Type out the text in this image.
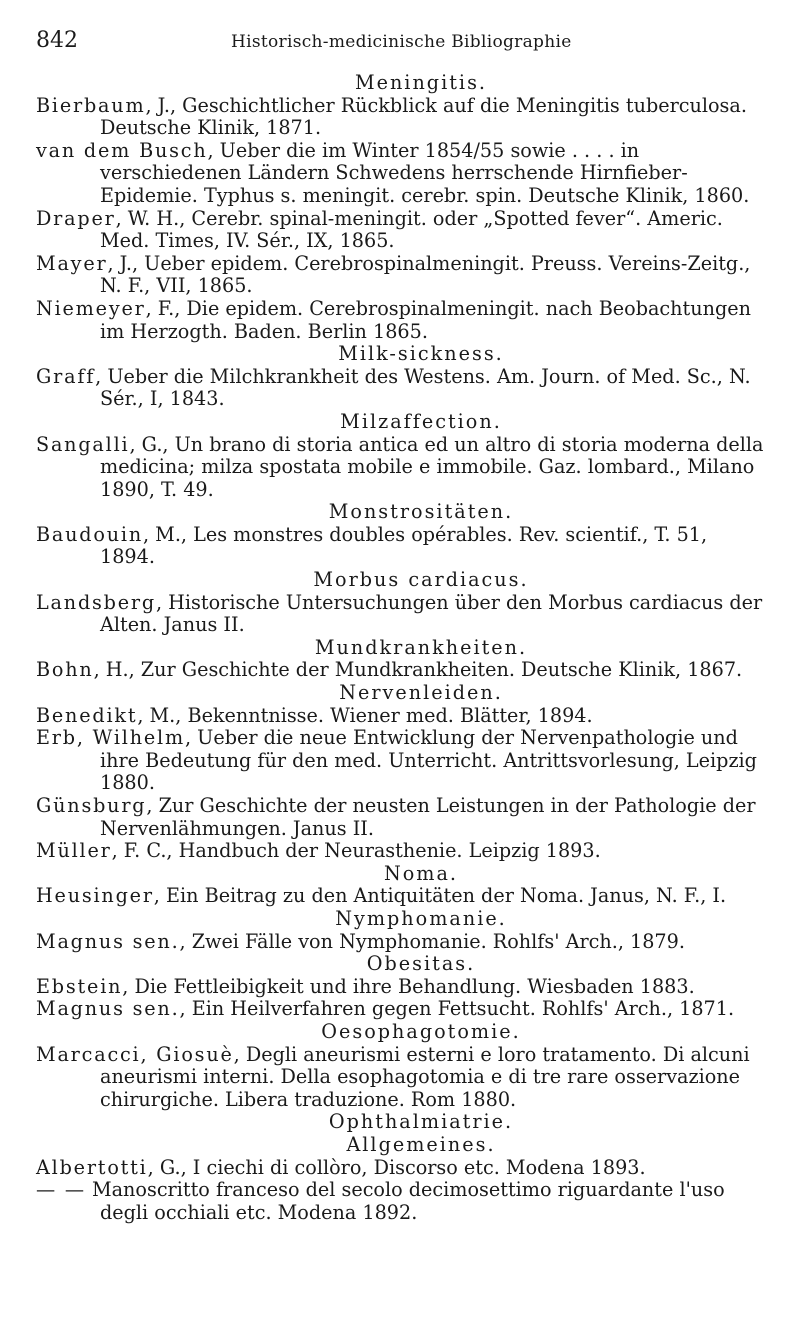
842	Historisch-medicinische Bibliographie
Meningitis.
Bierbaum, J., Geschichtlicher Rückblick auf die Meningitis tuberculosa. Deutsche Klinik, 1871.
van dem Busch, Ueber die im Winter 1854/55 sowie . . . . in verschiedenen Ländern Schwedens herrschende Hirnfieber-Epidemie. Typhus s. meningit. cerebr. spin. Deutsche Klinik, 1860.
Draper, W. H., Cerebr. spinal-meningit. oder „Spotted fever“. Americ. Med. Times, IV. Sér., IX, 1865.
Mayer, J., Ueber epidem. Cerebrospinalmeningit. Preuss. Vereins-Zeitg., N. F., VII, 1865.
Niemeyer, F., Die epidem. Cerebrospinalmeningit. nach Beobachtungen im Herzogth. Baden. Berlin 1865.
Milk-sickness.
Graff, Ueber die Milchkrankheit des Westens. Am. Journ. of Med. Sc., N. Sér., I, 1843.
Milzaffection.
Sangalli, G., Un brano di storia antica ed un altro di storia moderna della medicina; milza spostata mobile e immobile. Gaz. lombard., Milano 1890, T. 49.
Monstrositäten.
Baudouin, M., Les monstres doubles opérables. Rev. scientif., T. 51, 1894.
Morbus cardiacus.
Landsberg, Historische Untersuchungen über den Morbus cardiacus der Alten. Janus II.
Mundkrankheiten.
Bohn, H., Zur Geschichte der Mundkrankheiten. Deutsche Klinik, 1867.
Nervenleiden.
Benedikt, M., Bekenntnisse. Wiener med. Blätter, 1894.
Erb, Wilhelm, Ueber die neue Entwicklung der Nervenpathologie und ihre Bedeutung für den med. Unterricht. Antrittsvorlesung, Leipzig 1880.
Günsburg, Zur Geschichte der neusten Leistungen in der Pathologie der Nervenlähmungen. Janus II.
Müller, F. C., Handbuch der Neurasthenie. Leipzig 1893.
Noma.
Heusinger, Ein Beitrag zu den Antiquitäten der Noma. Janus, N. F., I.
Nymphomanie.
Magnus sen., Zwei Fälle von Nymphomanie. Rohlfs' Arch., 1879.
Obesitas.
Ebstein, Die Fettleibigkeit und ihre Behandlung. Wiesbaden 1883.
Magnus sen., Ein Heilverfahren gegen Fettsucht. Rohlfs' Arch., 1871.
Oesophagotomie.
Marcacci, Giosuè, Degli aneurismi esterni e loro tratamento. Di alcuni aneurismi interni. Della esophagotomia e di tre rare osservazione chirurgiche. Libera traduzione. Rom 1880.
Ophthalmiatrie.
Allgemeines.
Albertotti, G., I ciechi di collòro, Discorso etc. Modena 1893.
— — Manoscritto franceso del secolo decimosettimo riguardante l'uso degli occhiali etc. Modena 1892.
